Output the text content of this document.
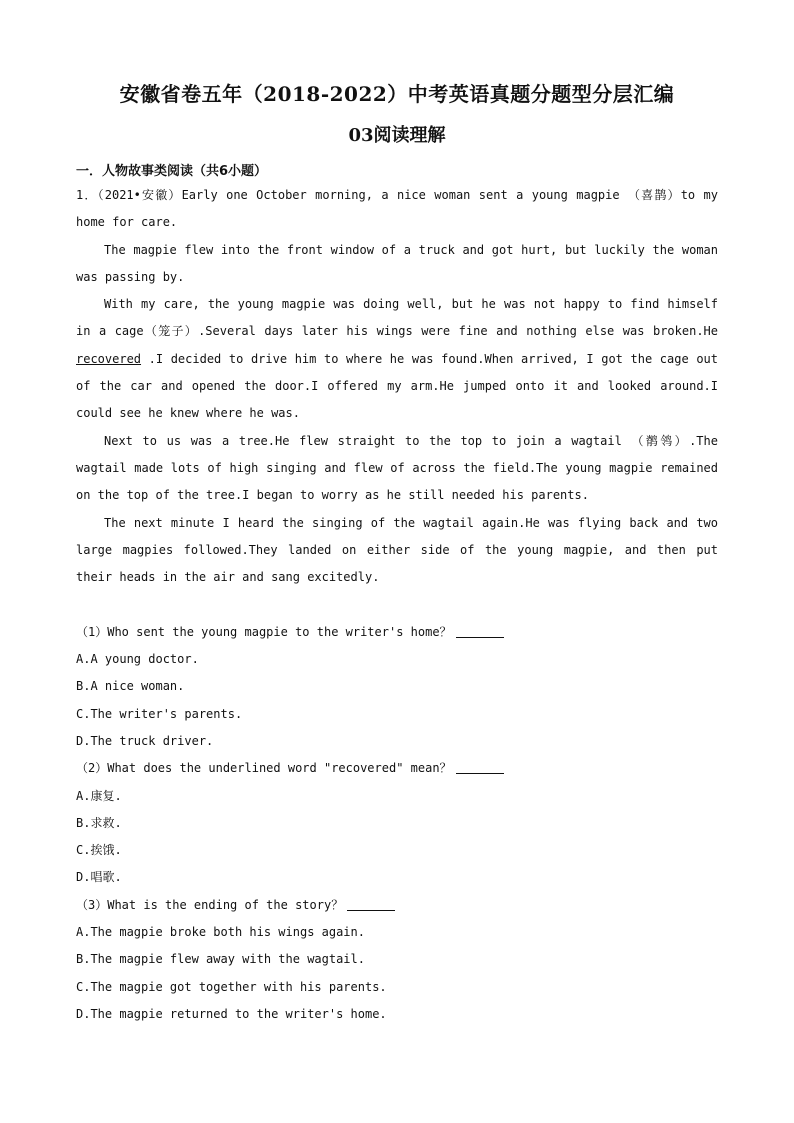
安徽省卷五年（2018-2022）中考英语真题分题型分层汇编
03阅读理解
一．人物故事类阅读（共6小题）

1．（2021•安徽）Early one October morning, a nice woman sent a young magpie （喜鹊）to my home for care.

The magpie flew into the front window of a truck and got hurt, but luckily the woman was passing by.

With my care, the young magpie was doing well, but he was not happy to find himself in a cage（笼子）.Several days later his wings were fine and nothing else was broken.He recovered .I decided to drive him to where he was found.When arrived, I got the cage out of the car and opened the door.I offered my arm.He jumped onto it and looked around.I could see he knew where he was.

Next to us was a tree.He flew straight to the top to join a wagtail （鹡鸰）.The wagtail made lots of high singing and flew of across the field.The young magpie remained on the top of the tree.I began to worry as he still needed his parents.

The next minute I heard the singing of the wagtail again.He was flying back and two large magpies followed.They landed on either side of the young magpie, and then put their heads in the air and sang excitedly.

（1）Who sent the young magpie to the writer's home？

A.A young doctor.

B.A nice woman.

C.The writer's parents.

D.The truck driver.

（2）What does the underlined word "recovered" mean？

A.康复.

B.求救.

C.挨饿.

D.唱歌.

（3）What is the ending of the story？

A.The magpie broke both his wings again.

B.The magpie flew away with the wagtail.

C.The magpie got together with his parents.

D.The magpie returned to the writer's home.
